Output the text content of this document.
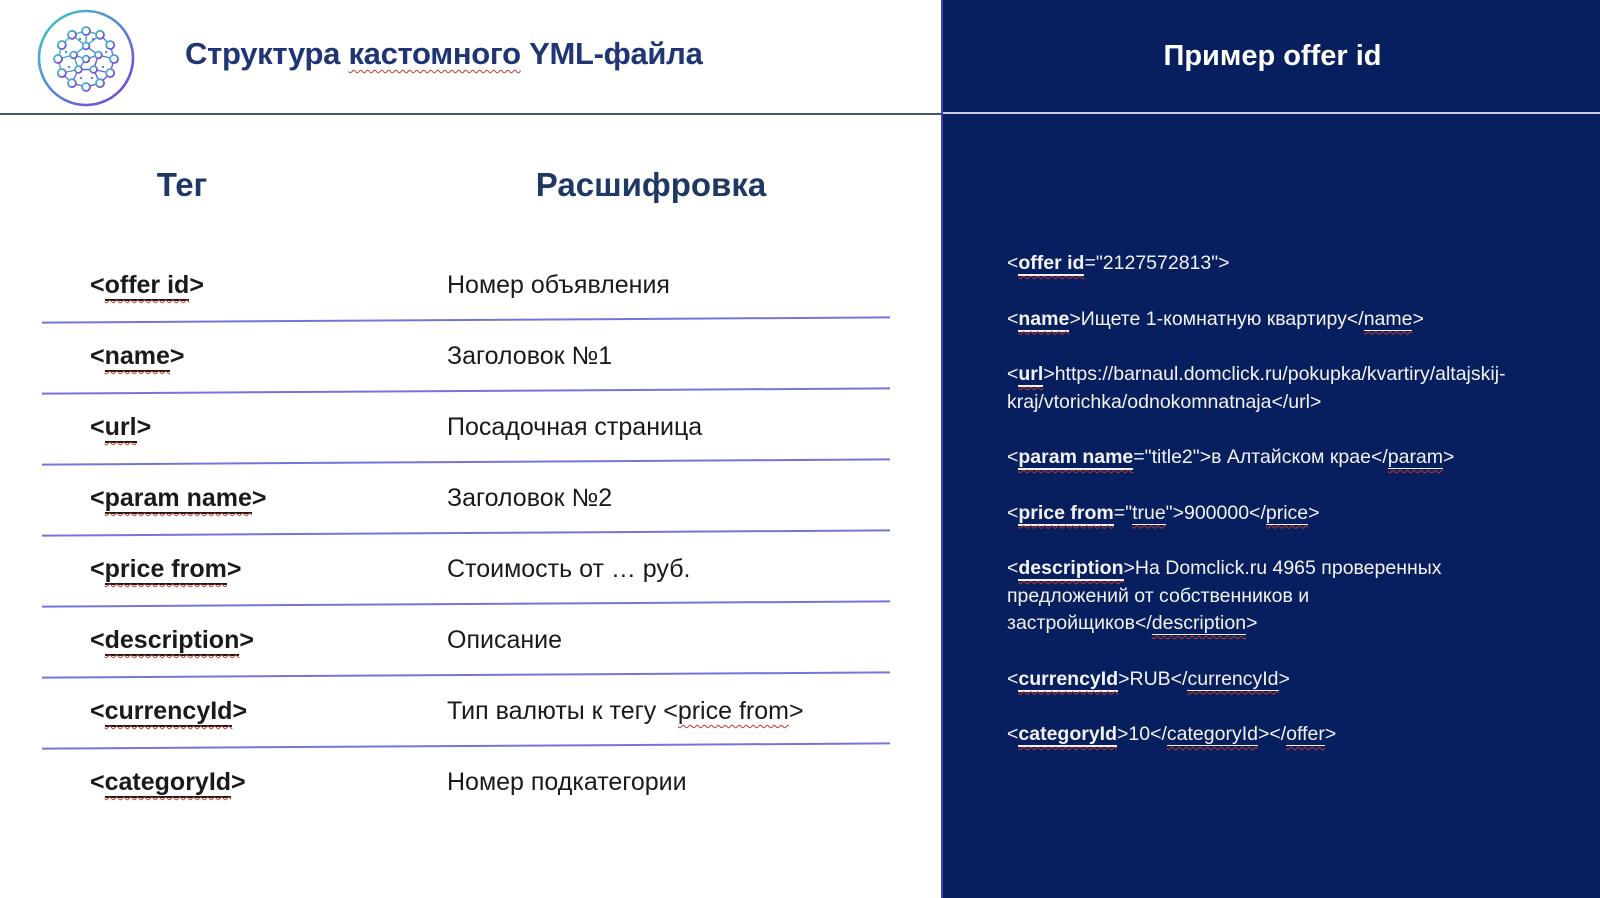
Структура кастомного YML-файла
Тег	Расшифровка
<offer id>	Номер объявления
<name>	Заголовок №1
<url>	Посадочная страница
<param name>	Заголовок №2
<price from>	Стоимость от … руб.
<description>	Описание
<currencyId>	Тип валюты к тегу <price from>
<categoryId>	Номер подкатегории
Пример offer id
<offer id="2127572813">
<name>Ищете 1-комнатную квартиру</name>
<url>https://barnaul.domclick.ru/pokupka/kvartiry/altajskij-kraj/vtorichka/odnokomnatnaja</url>
<param name="title2">в Алтайском крае</param>
<price from="true">900000</price>
<description>На Domclick.ru 4965 проверенных предложений от собственников и застройщиков</description>
<currencyId>RUB</currencyId>
<categoryId>10</categoryId></offer>
